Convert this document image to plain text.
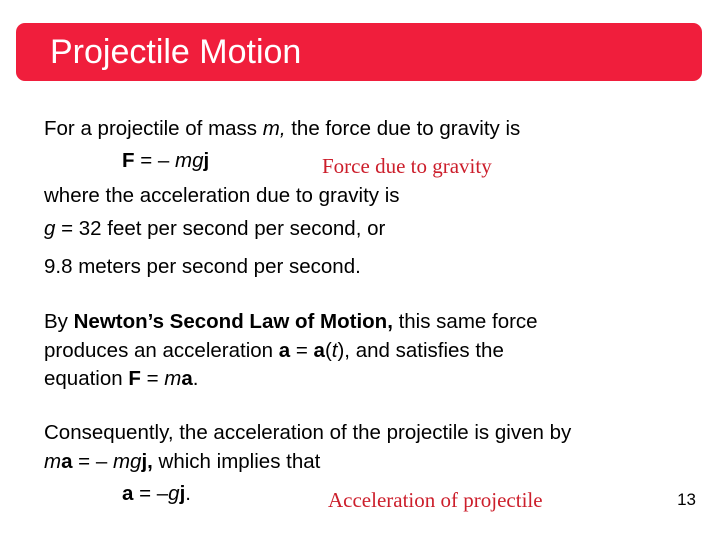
Projectile Motion
For a projectile of mass m, the force due to gravity is
F = – mgj	Force due to gravity
where the acceleration due to gravity is
g = 32 feet per second per second, or
9.8 meters per second per second.
By Newton’s Second Law of Motion, this same force
produces an acceleration a = a(t), and satisfies the
equation F = ma.
Consequently, the acceleration of the projectile is given by
ma = – mgj, which implies that
a = –gj.	Acceleration of projectile	13
